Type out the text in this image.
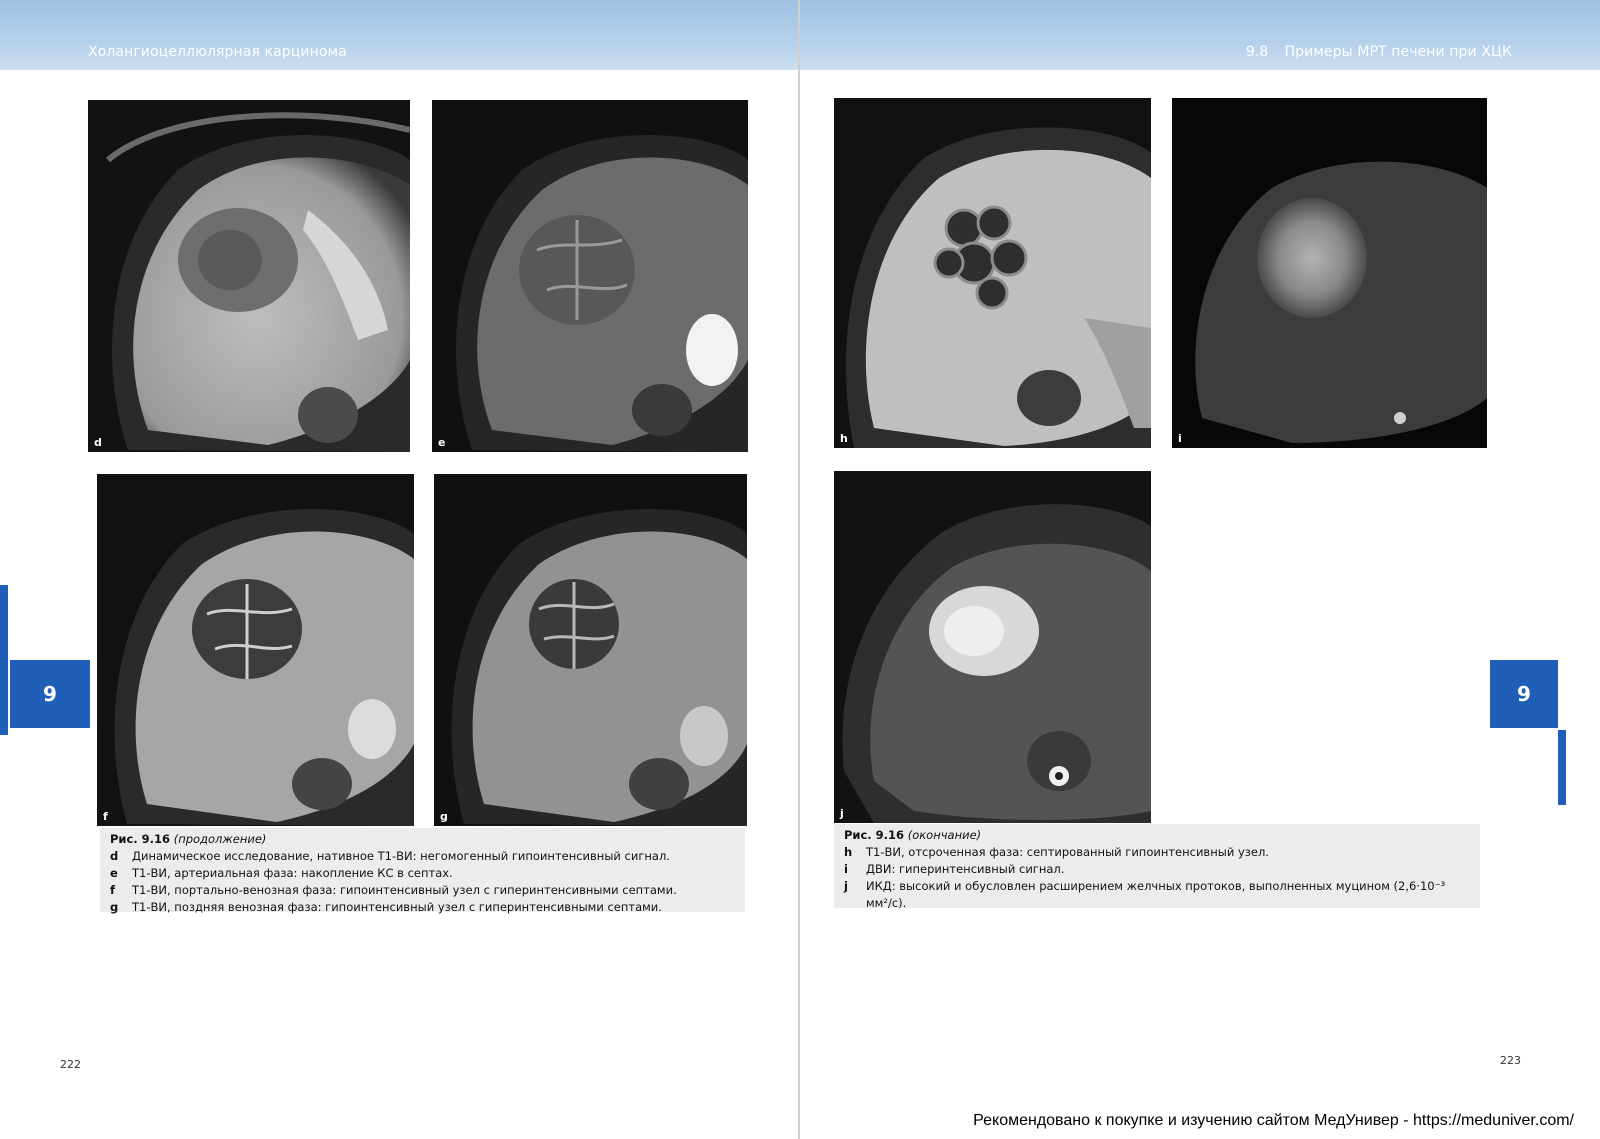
Холангиоцеллюлярная карцинома
d	e
f	g
Рис. 9.16 (продолжение)
d	Динамическое исследование, нативное Т1-ВИ: негомогенный гипоинтенсивный сигнал.
e	Т1-ВИ, артериальная фаза: накопление КС в септах.
f	Т1-ВИ, портально-венозная фаза: гипоинтенсивный узел с гиперинтенсивными септами.
g	Т1-ВИ, поздняя венозная фаза: гипоинтенсивный узел с гиперинтенсивными септами.
9
222
9.8 Примеры МРТ печени при ХЦК
h	i
j
Рис. 9.16 (окончание)
h	Т1-ВИ, отсроченная фаза: септированный гипоинтенсивный узел.
i	ДВИ: гиперинтенсивный сигнал.
j	ИКД: высокий и обусловлен расширением желчных протоков, выполненных муцином (2,6·10⁻³ мм²/с).
9
223
Рекомендовано к покупке и изучению сайтом МедУнивер - https://meduniver.com/
